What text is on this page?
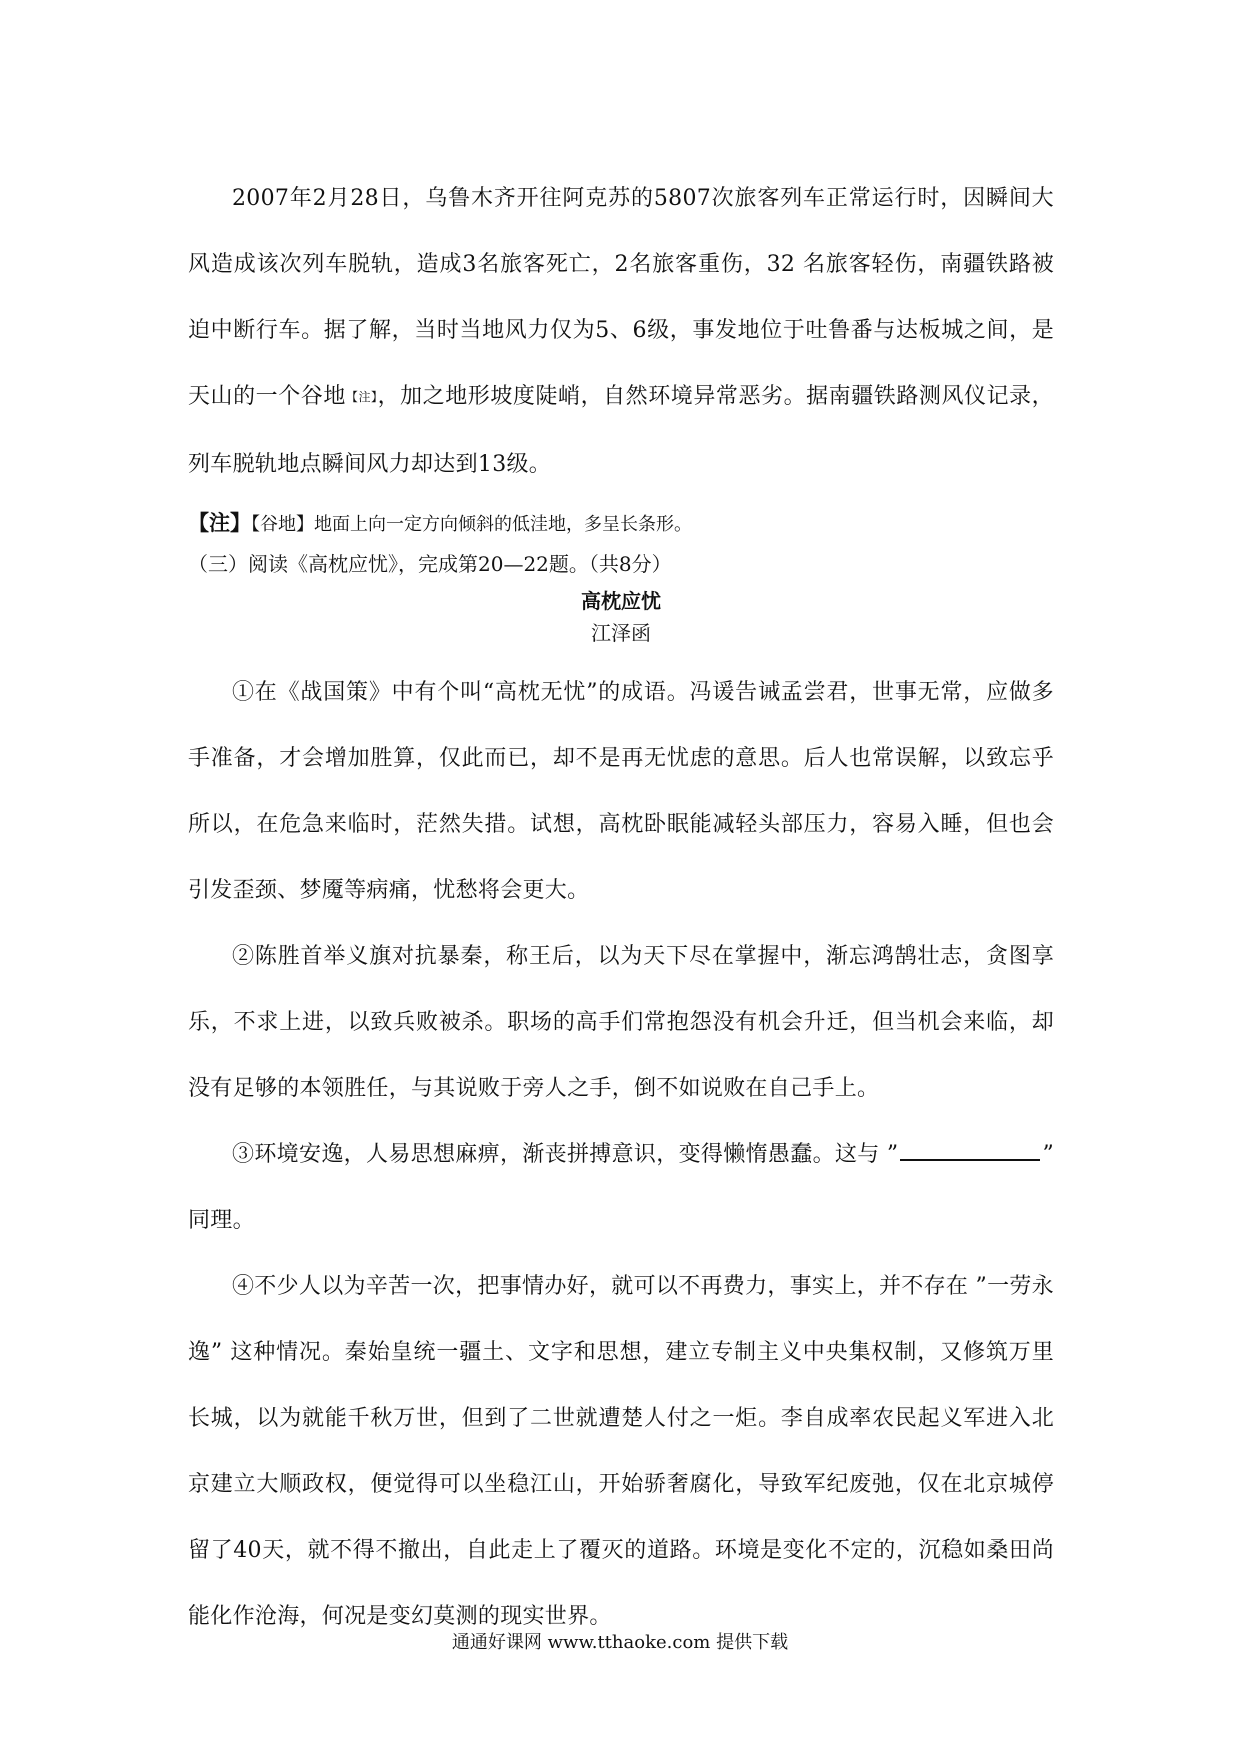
2007年2月28日，乌鲁木齐开往阿克苏的5807次旅客列车正常运行时，因瞬间大风造成该次列车脱轨，造成3名旅客死亡，2名旅客重伤，32 名旅客轻伤，南疆铁路被迫中断行车。据了解，当时当地风力仅为5、6级，事发地位于吐鲁番与达板城之间，是天山的一个谷地【注】，加之地形坡度陡峭，自然环境异常恶劣。据南疆铁路测风仪记录，列车脱轨地点瞬间风力却达到13级。

【注】【谷地】地面上向一定方向倾斜的低洼地，多呈长条形。

（三）阅读《高枕应忧》，完成第20—22题。（共8分）

高枕应忧

江泽函

①在《战国策》中有个叫“高枕无忧”的成语。冯谖告诫孟尝君，世事无常，应做多手准备，才会增加胜算，仅此而已，却不是再无忧虑的意思。后人也常误解，以致忘乎所以，在危急来临时，茫然失措。试想，高枕卧眠能减轻头部压力，容易入睡，但也会引发歪颈、梦魇等病痛，忧愁将会更大。

②陈胜首举义旗对抗暴秦，称王后，以为天下尽在掌握中，渐忘鸿鹄壮志，贪图享乐，不求上进，以致兵败被杀。职场的高手们常抱怨没有机会升迁，但当机会来临，却没有足够的本领胜任，与其说败于旁人之手，倒不如说败在自己手上。

③环境安逸，人易思想麻痹，渐丧拼搏意识，变得懒惰愚蠢。这与 ”	” 同理。

④不少人以为辛苦一次，把事情办好，就可以不再费力，事实上，并不存在 ”一劳永逸” 这种情况。秦始皇统一疆土、文字和思想，建立专制主义中央集权制，又修筑万里长城，以为就能千秋万世，但到了二世就遭楚人付之一炬。李自成率农民起义军进入北京建立大顺政权，便觉得可以坐稳江山，开始骄奢腐化，导致军纪废弛，仅在北京城停留了40天，就不得不撤出，自此走上了覆灭的道路。环境是变化不定的，沉稳如桑田尚能化作沧海，何况是变幻莫测的现实世界。

通通好课网 www.tthaoke.com 提供下载
